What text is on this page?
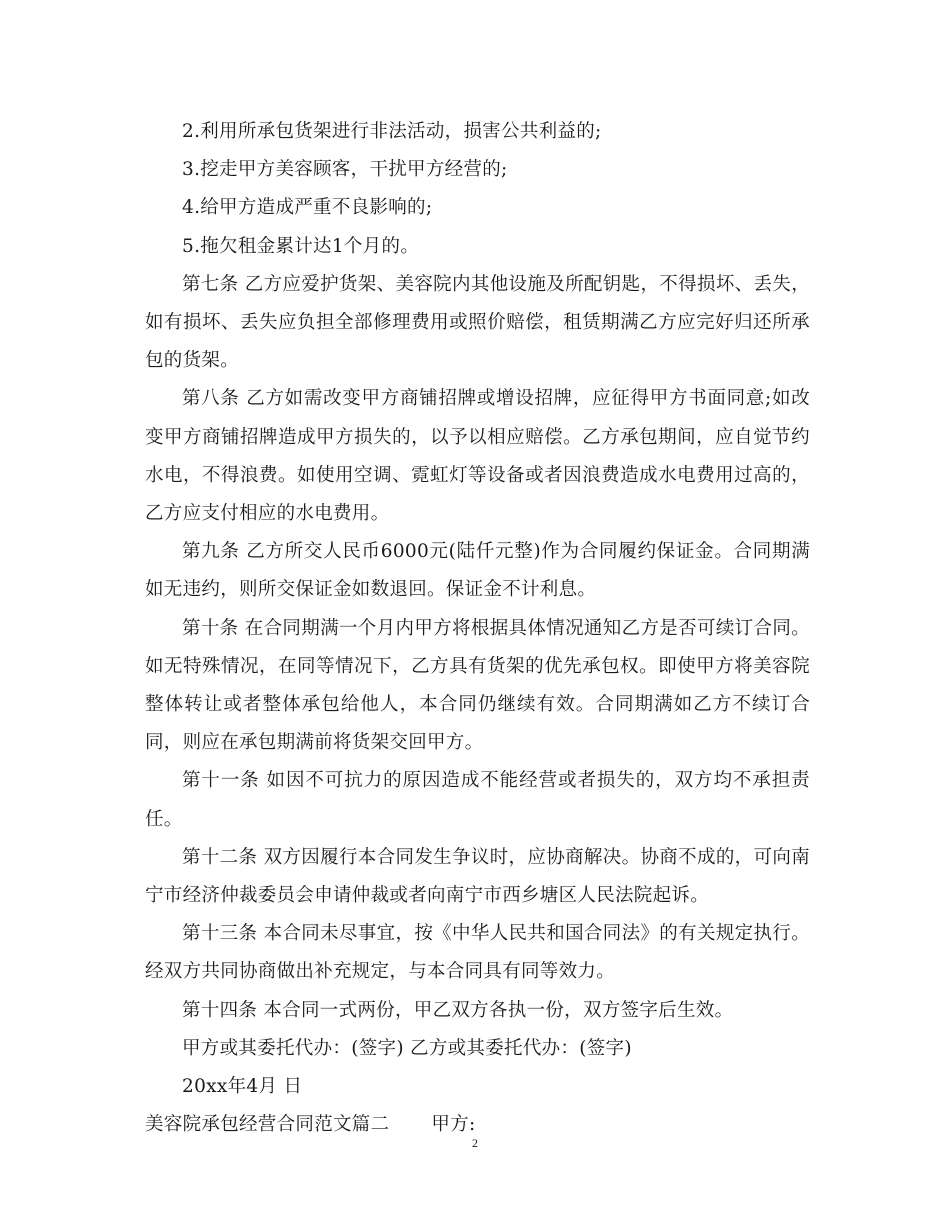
2.利用所承包货架进行非法活动，损害公共利益的;

3.挖走甲方美容顾客，干扰甲方经营的;

4.给甲方造成严重不良影响的;

5.拖欠租金累计达1个月的。

第七条 乙方应爱护货架、美容院内其他设施及所配钥匙，不得损坏、丢失，如有损坏、丢失应负担全部修理费用或照价赔偿，租赁期满乙方应完好归还所承包的货架。

第八条 乙方如需改变甲方商铺招牌或增设招牌，应征得甲方书面同意;如改变甲方商铺招牌造成甲方损失的，以予以相应赔偿。乙方承包期间，应自觉节约水电，不得浪费。如使用空调、霓虹灯等设备或者因浪费造成水电费用过高的，乙方应支付相应的水电费用。

第九条 乙方所交人民币6000元(陆仟元整)作为合同履约保证金。合同期满如无违约，则所交保证金如数退回。保证金不计利息。

第十条 在合同期满一个月内甲方将根据具体情况通知乙方是否可续订合同。如无特殊情况，在同等情况下，乙方具有货架的优先承包权。即使甲方将美容院整体转让或者整体承包给他人，本合同仍继续有效。合同期满如乙方不续订合同，则应在承包期满前将货架交回甲方。

第十一条 如因不可抗力的原因造成不能经营或者损失的，双方均不承担责任。

第十二条 双方因履行本合同发生争议时，应协商解决。协商不成的，可向南宁市经济仲裁委员会申请仲裁或者向南宁市西乡塘区人民法院起诉。

第十三条 本合同未尽事宜，按《中华人民共和国合同法》的有关规定执行。经双方共同协商做出补充规定，与本合同具有同等效力。

第十四条 本合同一式两份，甲乙双方各执一份，双方签字后生效。

甲方或其委托代办：(签字) 乙方或其委托代办：(签字)

20xx年4月 日

美容院承包经营合同范文篇二 甲方:

2
